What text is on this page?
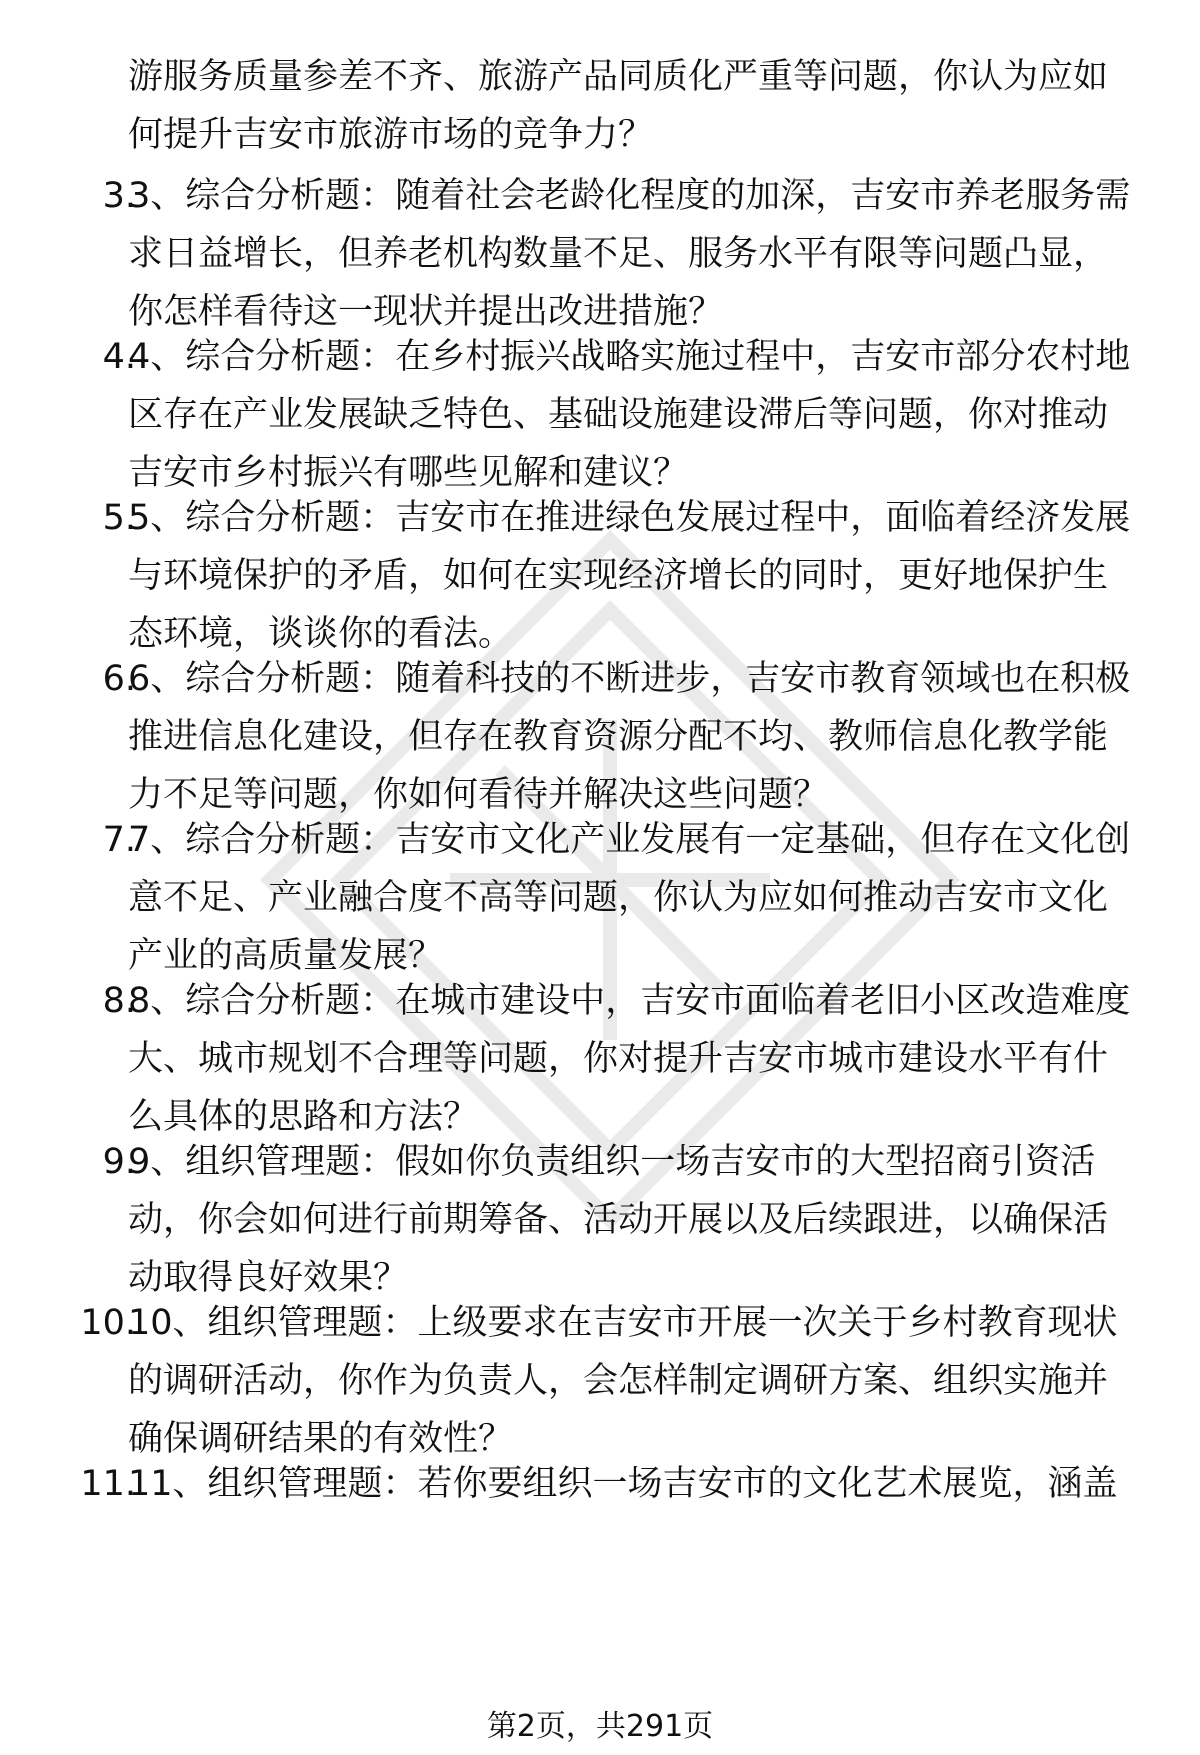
游服务质量参差不齐、旅游产品同质化严重等问题，你认为应如
何提升吉安市旅游市场的竞争力？
3.
3、综合分析题：随着社会老龄化程度的加深，吉安市养老服务需
求日益增长，但养老机构数量不足、服务水平有限等问题凸显，
你怎样看待这一现状并提出改进措施？
4.
4、综合分析题：在乡村振兴战略实施过程中，吉安市部分农村地
区存在产业发展缺乏特色、基础设施建设滞后等问题，你对推动
吉安市乡村振兴有哪些见解和建议？
5.
5、综合分析题：吉安市在推进绿色发展过程中，面临着经济发展
与环境保护的矛盾，如何在实现经济增长的同时，更好地保护生
态环境，谈谈你的看法。
6.
6、综合分析题：随着科技的不断进步，吉安市教育领域也在积极
推进信息化建设，但存在教育资源分配不均、教师信息化教学能
力不足等问题，你如何看待并解决这些问题？
7.
7、综合分析题：吉安市文化产业发展有一定基础，但存在文化创
意不足、产业融合度不高等问题，你认为应如何推动吉安市文化
产业的高质量发展？
8.
8、综合分析题：在城市建设中，吉安市面临着老旧小区改造难度
大、城市规划不合理等问题，你对提升吉安市城市建设水平有什
么具体的思路和方法？
9.
9、组织管理题：假如你负责组织一场吉安市的大型招商引资活
动，你会如何进行前期筹备、活动开展以及后续跟进，以确保活
动取得良好效果？
10.
10、组织管理题：上级要求在吉安市开展一次关于乡村教育现状
的调研活动，你作为负责人，会怎样制定调研方案、组织实施并
确保调研结果的有效性？
11.
11、组织管理题：若你要组织一场吉安市的文化艺术展览，涵盖
第2页，共291页
